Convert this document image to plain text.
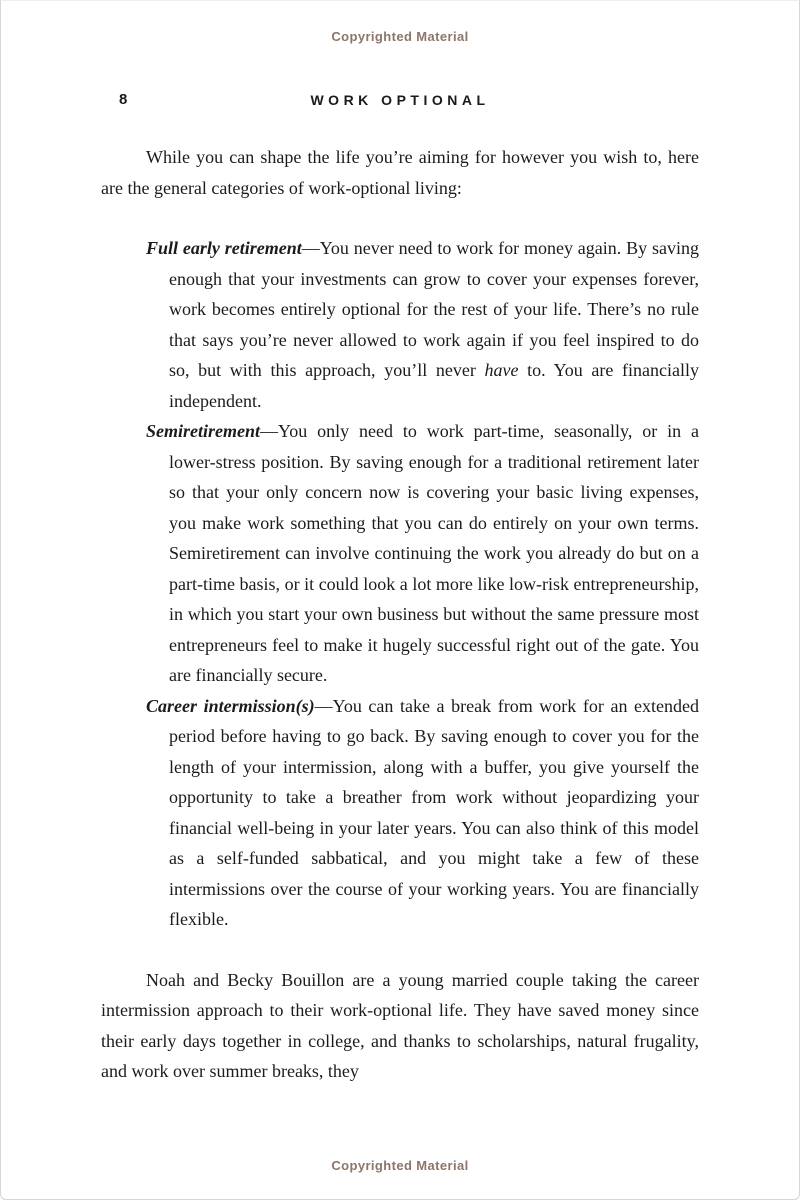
Copyrighted Material
8	WORK OPTIONAL

While you can shape the life you’re aiming for however you wish to, here are the general categories of work-optional living:

Full early retirement—You never need to work for money again. By saving enough that your investments can grow to cover your expenses forever, work becomes entirely optional for the rest of your life. There’s no rule that says you’re never allowed to work again if you feel inspired to do so, but with this approach, you’ll never have to. You are financially independent.

Semiretirement—You only need to work part-time, seasonally, or in a lower-stress position. By saving enough for a traditional retirement later so that your only concern now is covering your basic living expenses, you make work something that you can do entirely on your own terms. Semiretirement can involve continuing the work you already do but on a part-time basis, or it could look a lot more like low-risk entrepreneurship, in which you start your own business but without the same pressure most entrepreneurs feel to make it hugely successful right out of the gate. You are financially secure.

Career intermission(s)—You can take a break from work for an extended period before having to go back. By saving enough to cover you for the length of your intermission, along with a buffer, you give yourself the opportunity to take a breather from work without jeopardizing your financial well-being in your later years. You can also think of this model as a self-funded sabbatical, and you might take a few of these intermissions over the course of your working years. You are financially flexible.

Noah and Becky Bouillon are a young married couple taking the career intermission approach to their work-optional life. They have saved money since their early days together in college, and thanks to scholarships, natural frugality, and work over summer breaks, they

Copyrighted Material
